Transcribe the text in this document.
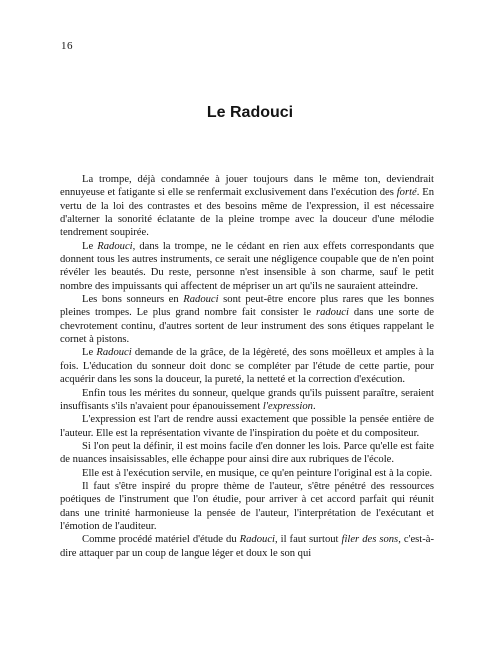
16
Le Radouci

La trompe, déjà condamnée à jouer toujours dans le même ton, deviendrait ennuyeuse et fatigante si elle se renfermait exclusivement dans l'exécution des forté. En vertu de la loi des contrastes et des besoins même de l'expression, il est nécessaire d'alterner la sonorité éclatante de la pleine trompe avec la douceur d'une mélodie tendrement soupirée.

Le Radouci, dans la trompe, ne le cédant en rien aux effets correspondants que donnent tous les autres instruments, ce serait une négligence coupable que de n'en point révéler les beautés. Du reste, personne n'est insensible à son charme, sauf le petit nombre des impuissants qui affectent de mépriser un art qu'ils ne sauraient atteindre.

Les bons sonneurs en Radouci sont peut-être encore plus rares que les bonnes pleines trompes. Le plus grand nombre fait consister le radouci dans une sorte de chevrotement continu, d'autres sortent de leur instrument des sons étiques rappelant le cornet à pistons.

Le Radouci demande de la grâce, de la légèreté, des sons moëlleux et amples à la fois. L'éducation du sonneur doit donc se compléter par l'étude de cette partie, pour acquérir dans les sons la douceur, la pureté, la netteté et la correction d'exécution.

Enfin tous les mérites du sonneur, quelque grands qu'ils puissent paraître, seraient insuffisants s'ils n'avaient pour épanouissement l'expression.

L'expression est l'art de rendre aussi exactement que possible la pensée entière de l'auteur. Elle est la représentation vivante de l'inspiration du poète et du compositeur.

Si l'on peut la définir, il est moins facile d'en donner les lois. Parce qu'elle est faite de nuances insaisissables, elle échappe pour ainsi dire aux rubriques de l'école.

Elle est à l'exécution servile, en musique, ce qu'en peinture l'original est à la copie.

Il faut s'être inspiré du propre thème de l'auteur, s'être pénétré des ressources poétiques de l'instrument que l'on étudie, pour arriver à cet accord parfait qui réunit dans une trinité harmonieuse la pensée de l'auteur, l'interprétation de l'exécutant et l'émotion de l'auditeur.

Comme procédé matériel d'étude du Radouci, il faut surtout filer des sons, c'est-à-dire attaquer par un coup de langue léger et doux le son qui
